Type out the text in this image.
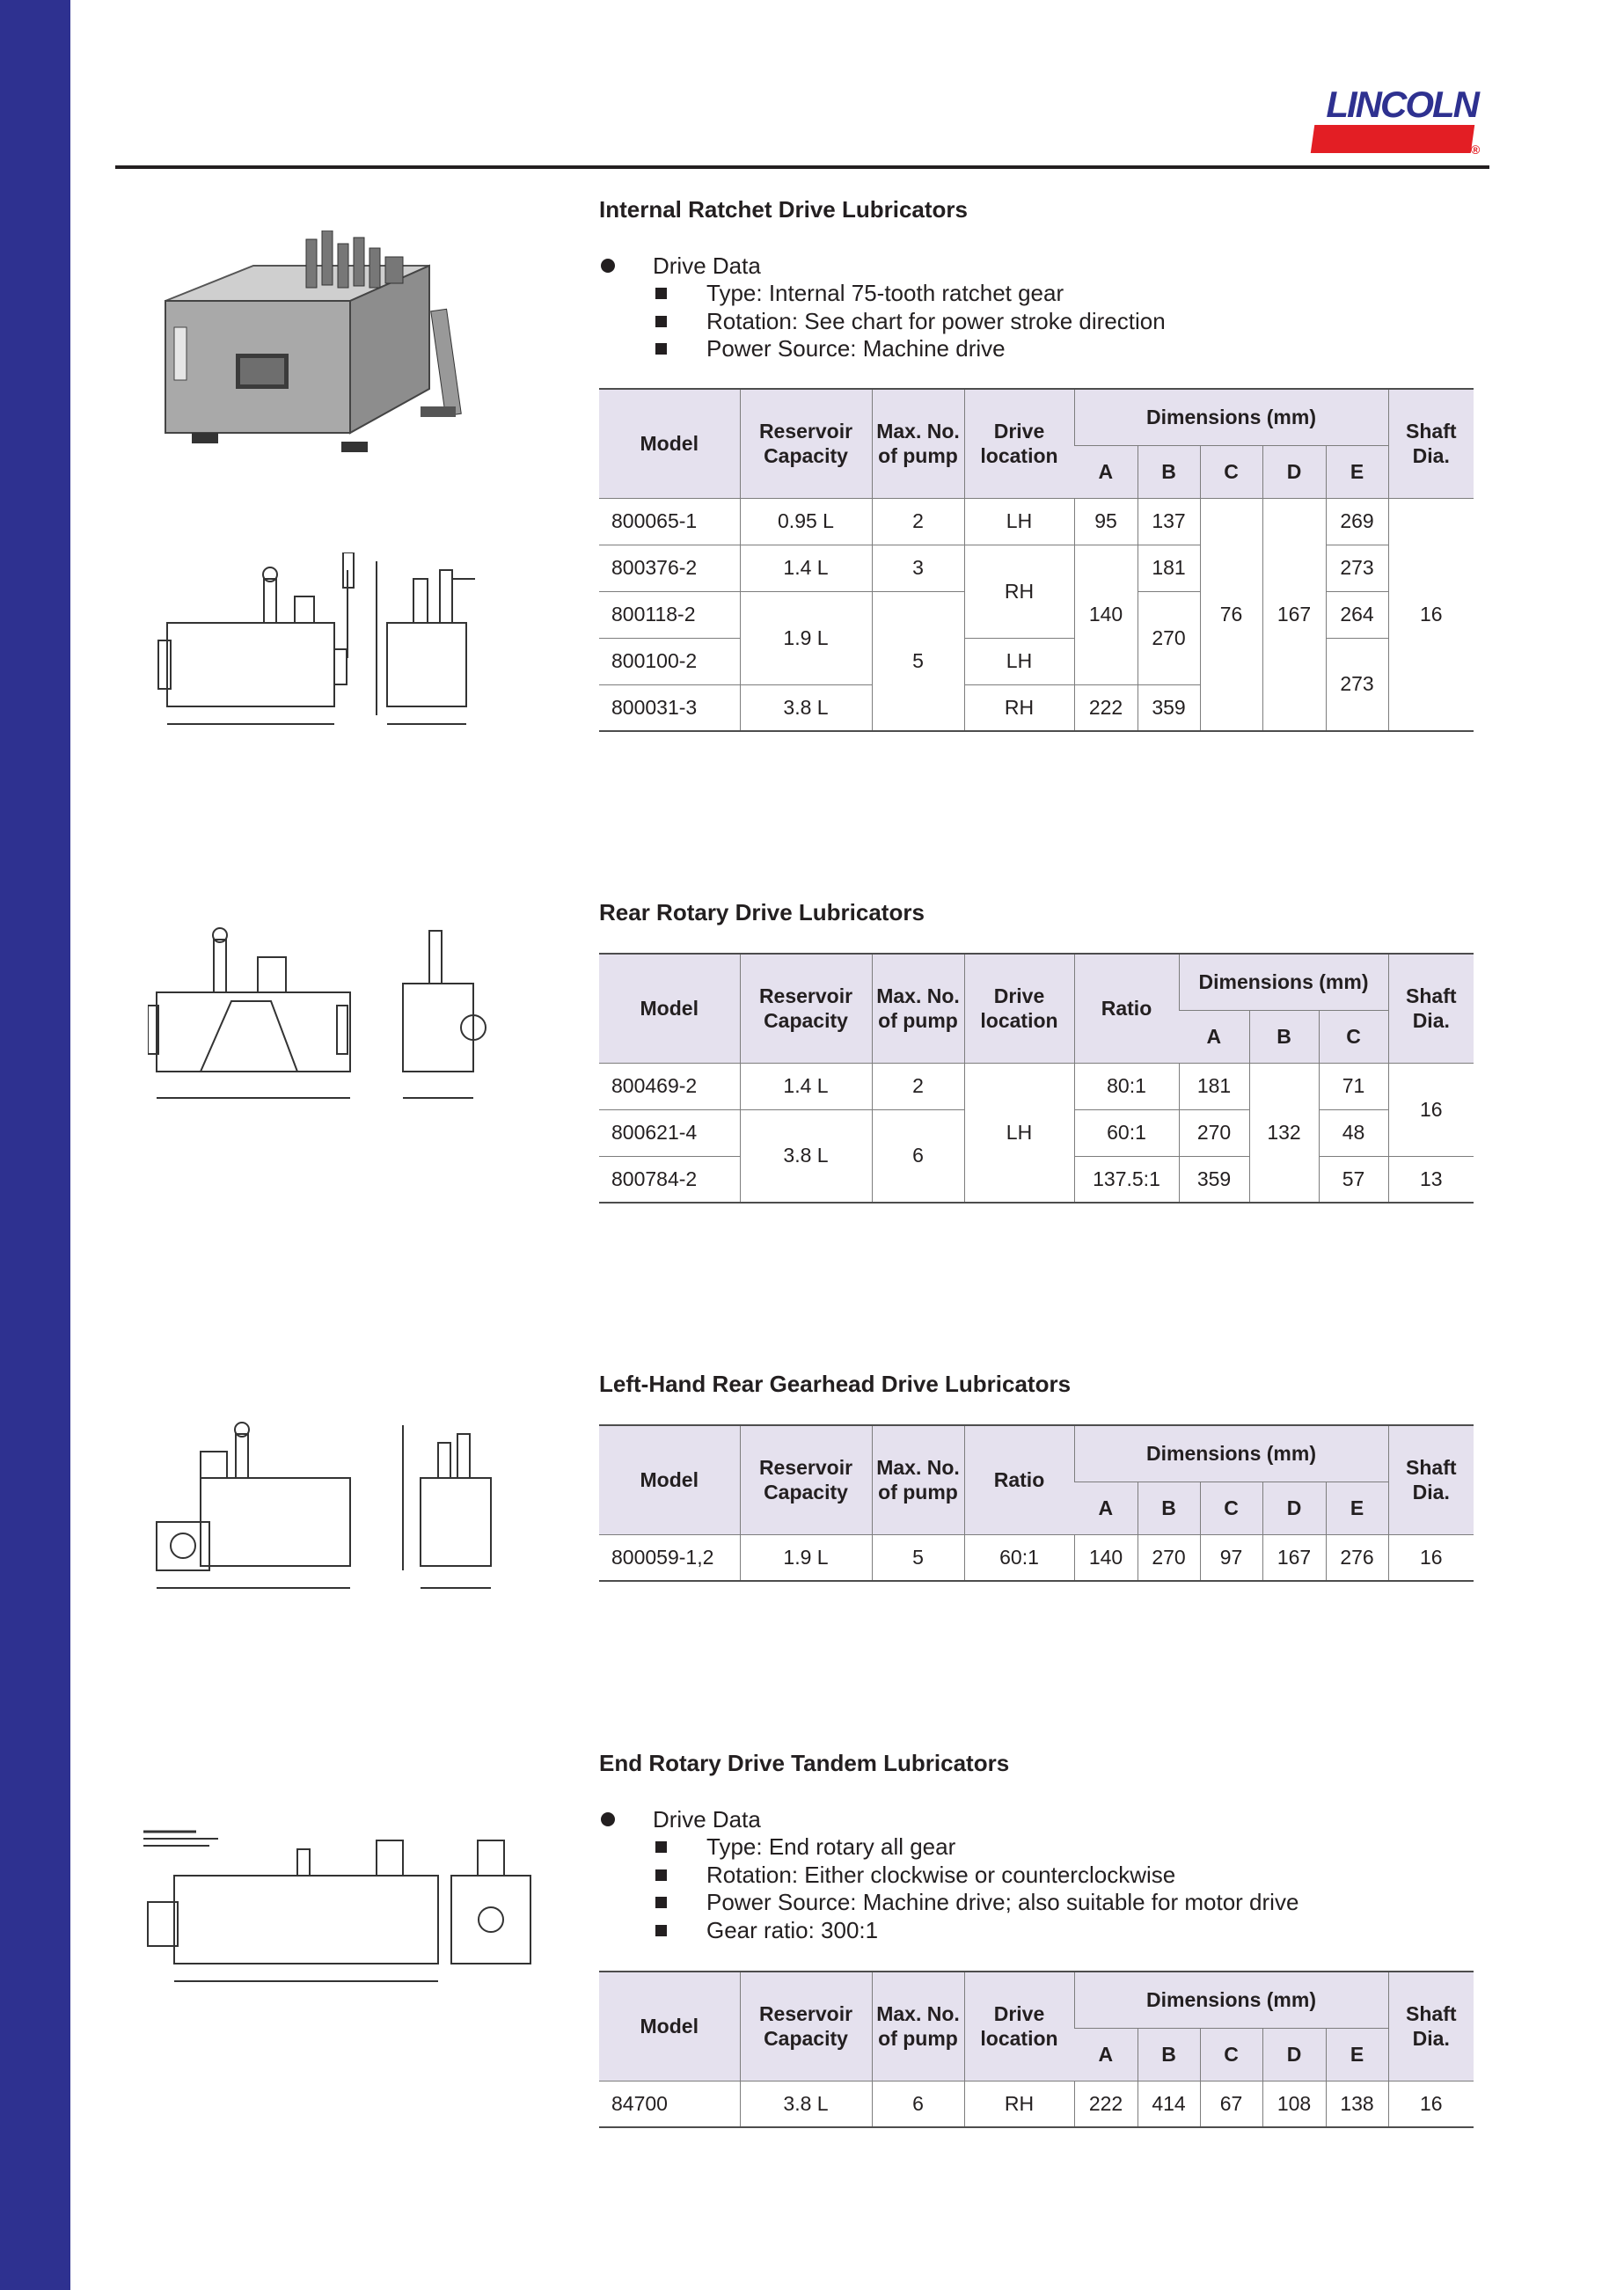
LINCOLN
®
Internal Ratchet Drive Lubricators
Drive Data
Type: Internal 75-tooth ratchet gear
Rotation: See chart for power stroke direction
Power Source: Machine drive
Model	Reservoir Capacity	Max. No. of pump	Drive location	Dimensions (mm)					Shaft Dia.
				A	B	C	D	E	
800065-1	0.95 L	2	LH	95	137	76	167	269	16
800376-2	1.4 L	3	RH	140	181			273	
800118-2	1.9 L	5			270			264	
800100-2			LH					273	
800031-3	3.8 L		RH	222	359				
Rear Rotary Drive Lubricators
Model	Reservoir Capacity	Max. No. of pump	Drive location	Ratio	Dimensions (mm)			Shaft Dia.
					A	B	C	
800469-2	1.4 L	2	LH	80:1	181	132	71	16
800621-4	3.8 L	6		60:1	270		48	
800784-2				137.5:1	359		57	13
Left-Hand Rear Gearhead Drive Lubricators
Model	Reservoir Capacity	Max. No. of pump	Ratio	Dimensions (mm)					Shaft Dia.
				A	B	C	D	E	
800059-1,2	1.9 L	5	60:1	140	270	97	167	276	16
End Rotary Drive Tandem Lubricators
Drive Data
Type: End rotary all gear
Rotation: Either clockwise or counterclockwise
Power Source: Machine drive; also suitable for motor drive
Gear ratio: 300:1
Model	Reservoir Capacity	Max. No. of pump	Drive location	Dimensions (mm)					Shaft Dia.
				A	B	C	D	E	
84700	3.8 L	6	RH	222	414	67	108	138	16
